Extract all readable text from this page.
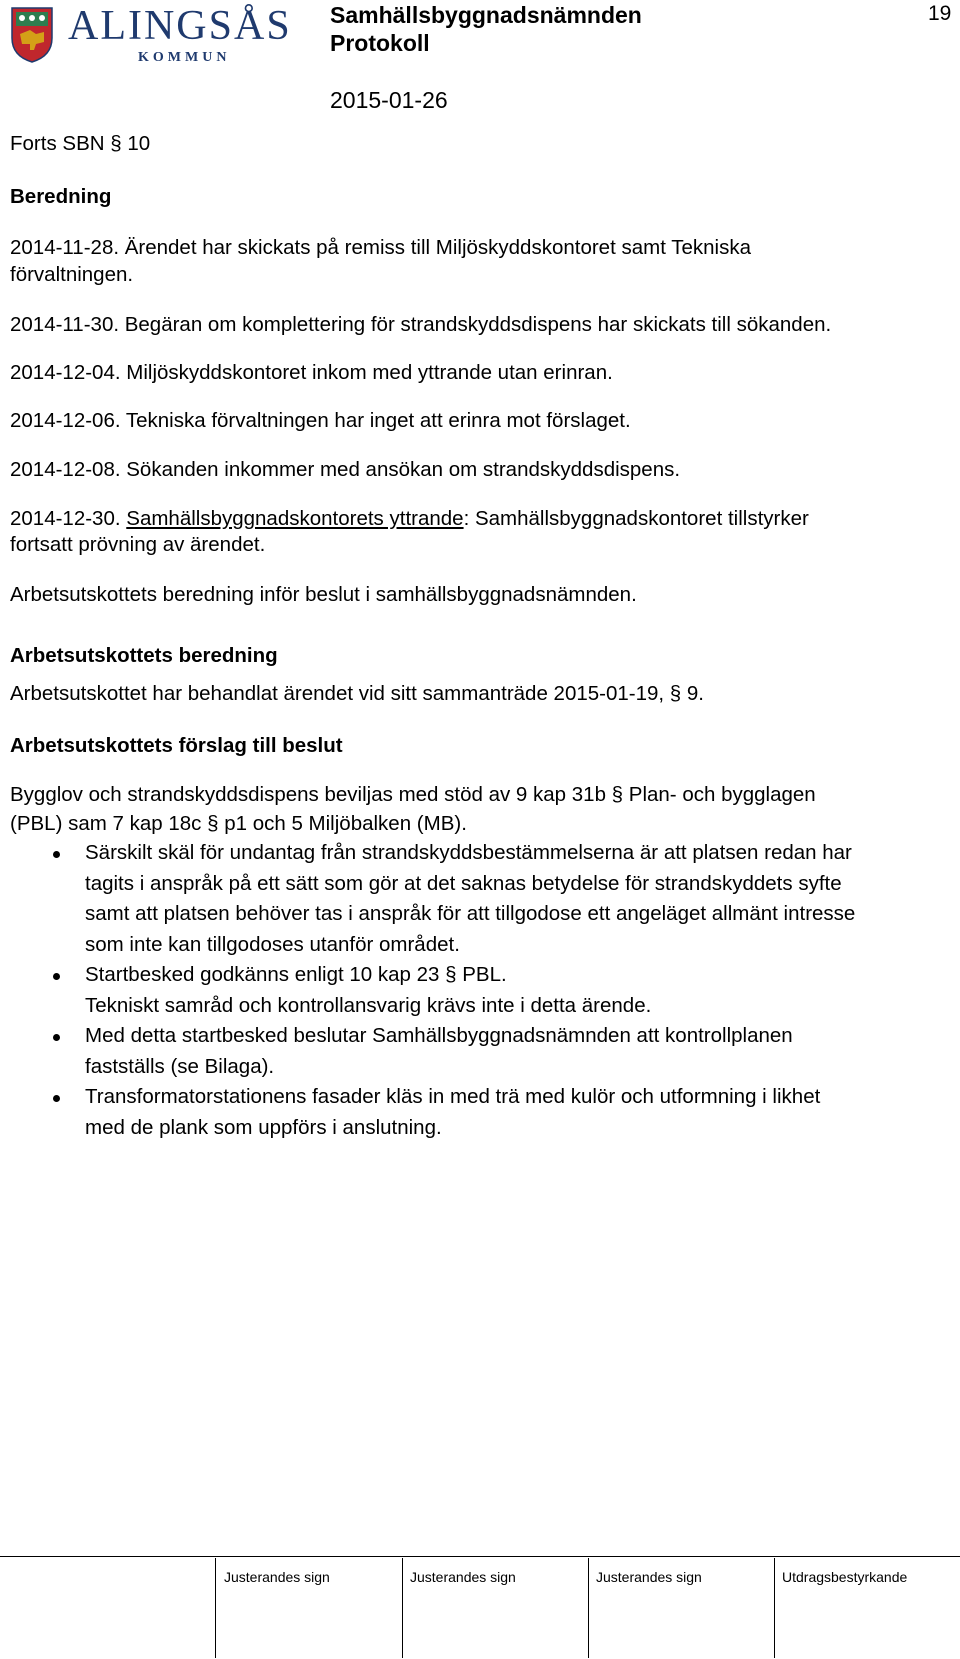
ALINGSÅS
KOMMUN
Samhällsbyggnadsnämnden
Protokoll
2015-01-26
19
Forts SBN § 10
Beredning
2014-11-28. Ärendet har skickats på remiss till Miljöskyddskontoret samt Tekniska
förvaltningen.
2014-11-30. Begäran om komplettering för strandskyddsdispens har skickats till sökanden.
2014-12-04. Miljöskyddskontoret inkom med yttrande utan erinran.
2014-12-06. Tekniska förvaltningen har inget att erinra mot förslaget.
2014-12-08. Sökanden inkommer med ansökan om strandskyddsdispens.
2014-12-30. Samhällsbyggnadskontorets yttrande: Samhällsbyggnadskontoret tillstyrker
fortsatt prövning av ärendet.
Arbetsutskottets beredning inför beslut i samhällsbyggnadsnämnden.
Arbetsutskottets beredning
Arbetsutskottet har behandlat ärendet vid sitt sammanträde 2015-01-19, § 9.
Arbetsutskottets förslag till beslut
Bygglov och strandskyddsdispens beviljas med stöd av 9 kap 31b § Plan- och bygglagen
(PBL) sam 7 kap 18c § p1 och 5 Miljöbalken (MB).
Särskilt skäl för undantag från strandskyddsbestämmelserna är att platsen redan har
tagits i anspråk på ett sätt som gör at det saknas betydelse för strandskyddets syfte
samt att platsen behöver tas i anspråk för att tillgodose ett angeläget allmänt intresse
som inte kan tillgodoses utanför området.
Startbesked godkänns enligt 10 kap 23 § PBL.
Tekniskt samråd och kontrollansvarig krävs inte i detta ärende.
Med detta startbesked beslutar Samhällsbyggnadsnämnden att kontrollplanen
fastställs (se Bilaga).
Transformatorstationens fasader kläs in med trä med kulör och utformning i likhet
med de plank som uppförs i anslutning.
Justerandes sign	Justerandes sign	Justerandes sign	Utdragsbestyrkande
